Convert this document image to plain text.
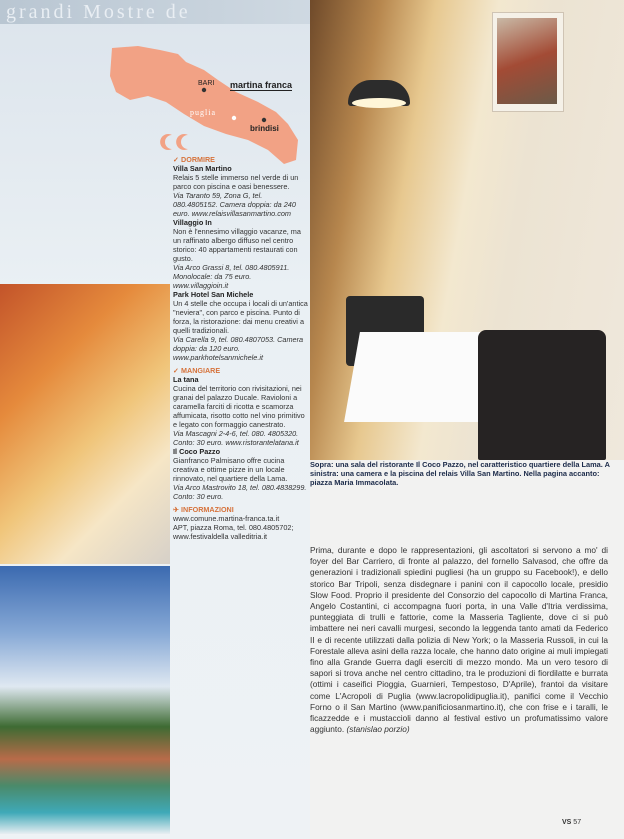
grandi Mostre de
BARI
puglia
martina franca
brindisi
✓ DORMIRE
Villa San Martino
Relais 5 stelle immerso nel verde di un parco con piscina e oasi benessere.
Via Taranto 59, Zona G, tel. 080.4805152. Camera doppia: da 240 euro. www.relaisvillasanmartino.com
Villaggio In
Non è l'ennesimo villaggio vacanze, ma un raffinato albergo diffuso nel centro storico: 40 appartamenti restaurati con gusto.
Via Arco Grassi 8, tel. 080.4805911. Monolocale: da 75 euro. www.villaggioin.it
Park Hotel San Michele
Un 4 stelle che occupa i locali di un'antica "neviera", con parco e piscina. Punto di forza, la ristorazione: dai menu creativi a quelli tradizionali.
Via Carella 9, tel. 080.4807053. Camera doppia: da 120 euro. www.parkhotelsanmichele.it
✓ MANGIARE
La tana
Cucina del territorio con rivisitazioni, nei granai del palazzo Ducale. Ravioloni a caramella farciti di ricotta e scamorza affumicata, risotto cotto nel vino primitivo e legato con formaggio canestrato.
Via Mascagni 2-4-6, tel. 080. 4805320. Conto: 30 euro. www.ristorantelatana.it
Il Coco Pazzo
Gianfranco Palmisano offre cucina creativa e ottime pizze in un locale rinnovato, nel quartiere della Lama.
Via Arco Mastrovito 18, tel. 080.4838299. Conto: 30 euro.
✈ INFORMAZIONI
www.comune.martina-franca.ta.it
APT, piazza Roma, tel. 080.4805702;
www.festivaldella valleditria.it
Sopra: una sala del ristorante Il Coco Pazzo, nel caratteristico quartiere della Lama. A sinistra: una camera e la piscina del relais Villa San Martino. Nella pagina accanto: piazza Maria Immacolata.
Prima, durante e dopo le rappresentazioni, gli ascoltatori si servono a mo' di foyer del Bar Carriero, di fronte al palazzo, del fornello Salvasod, che offre da generazioni i tradizionali spiedini pugliesi (ha un gruppo su Facebook!), e dello storico Bar Tripoli, senza disdegnare i panini con il capocollo locale, presidio Slow Food. Proprio il presidente del Consorzio del capocollo di Martina Franca, Angelo Costantini, ci accompagna fuori porta, in una Valle d'Itria verdissima, punteggiata di trulli e fattorie, come la Masseria Tagliente, dove ci si può imbattere nei neri cavalli murgesi, secondo la leggenda tanto amati da Federico II e di recente utilizzati dalla polizia di New York; o la Masseria Russoli, in cui la Forestale alleva asini della razza locale, che hanno dato origine ai muli impiegati fino alla Grande Guerra dagli eserciti di mezzo mondo. Ma un vero tesoro di sapori si trova anche nel centro cittadino, tra le produzioni di fiordilatte e burrata (ottimi i caseifici Pioggia, Guarnieri, Tempestoso, D'Aprile), frantoi da visitare come L'Acropoli di Puglia (www.lacropolidipuglia.it), panifici come il Vecchio Forno o il San Martino (www.panificiosanmartino.it), che con frise e i taralli, le ficazzedde e i mustaccioli danno al festival estivo un profumatissimo valore aggiunto. (stanislao porzio)
VS 57
